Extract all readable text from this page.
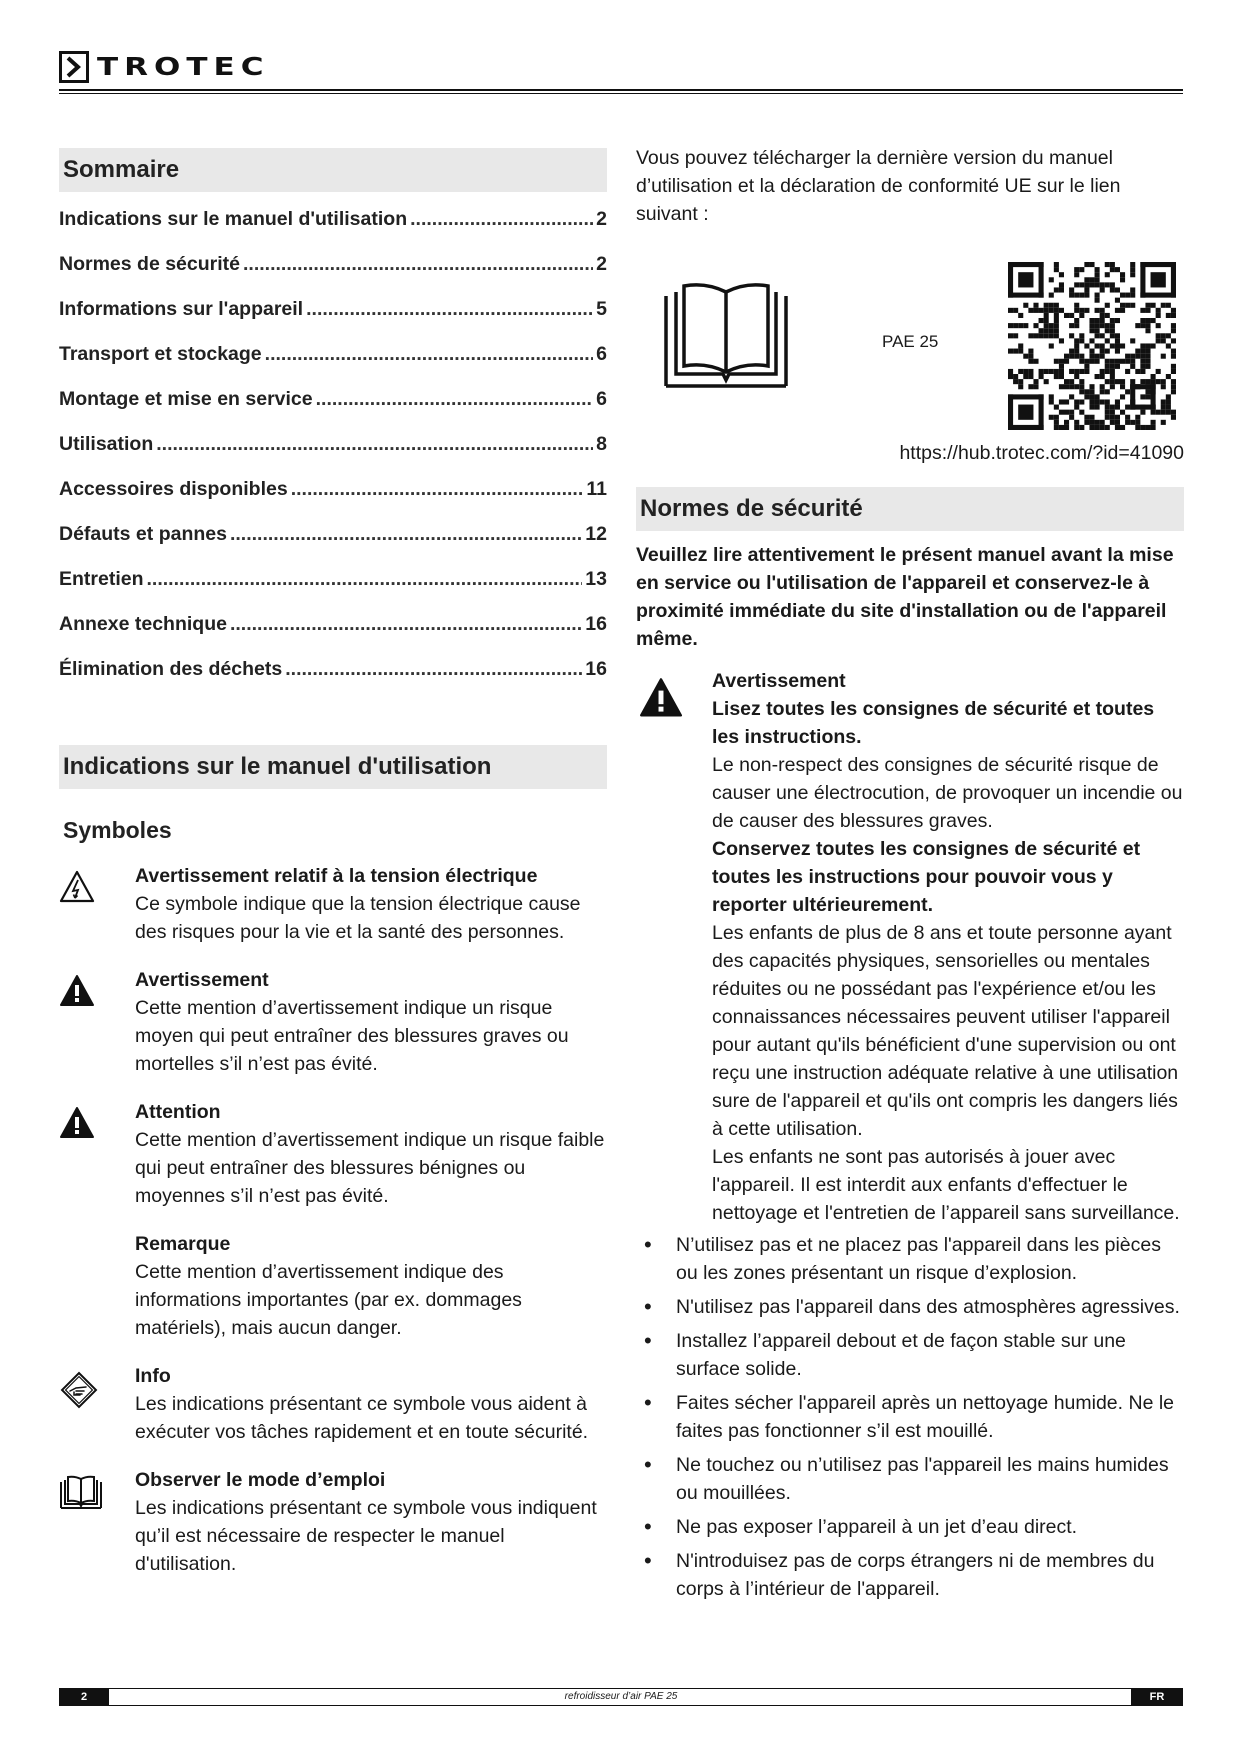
TROTEC
Sommaire
Indications sur le manuel d'utilisation .....	2
Normes de sécurité .....	2
Informations sur l'appareil .....	5
Transport et stockage .....	6
Montage et mise en service .....	6
Utilisation .....	8
Accessoires disponibles .....	11
Défauts et pannes .....	12
Entretien .....	13
Annexe technique .....	16
Élimination des déchets .....	16
Indications sur le manuel d'utilisation
Symboles
Avertissement relatif à la tension électrique
Ce symbole indique que la tension électrique cause des risques pour la vie et la santé des personnes.
Avertissement
Cette mention d’avertissement indique un risque moyen qui peut entraîner des blessures graves ou mortelles s’il n’est pas évité.
Attention
Cette mention d’avertissement indique un risque faible qui peut entraîner des blessures bénignes ou moyennes s’il n’est pas évité.
Remarque
Cette mention d’avertissement indique des informations importantes (par ex. dommages matériels), mais aucun danger.
Info
Les indications présentant ce symbole vous aident à exécuter vos tâches rapidement et en toute sécurité.
Observer le mode d’emploi
Les indications présentant ce symbole vous indiquent qu’il est nécessaire de respecter le manuel d'utilisation.
Vous pouvez télécharger la dernière version du manuel d’utilisation et la déclaration de conformité UE sur le lien suivant :
PAE 25
https://hub.trotec.com/?id=41090
Normes de sécurité
Veuillez lire attentivement le présent manuel avant la mise en service ou l'utilisation de l'appareil et conservez-le à proximité immédiate du site d'installation ou de l'appareil même.
Avertissement
Lisez toutes les consignes de sécurité et toutes les instructions.
Le non-respect des consignes de sécurité risque de causer une électrocution, de provoquer un incendie ou de causer des blessures graves.
Conservez toutes les consignes de sécurité et toutes les instructions pour pouvoir vous y reporter ultérieurement.
Les enfants de plus de 8 ans et toute personne ayant des capacités physiques, sensorielles ou mentales réduites ou ne possédant pas l'expérience et/ou les connaissances nécessaires peuvent utiliser l'appareil pour autant qu'ils bénéficient d'une supervision ou ont reçu une instruction adéquate relative à une utilisation sure de l'appareil et qu'ils ont compris les dangers liés à cette utilisation.
Les enfants ne sont pas autorisés à jouer avec l'appareil. Il est interdit aux enfants d'effectuer le nettoyage et l'entretien de l’appareil sans surveillance.
• N’utilisez pas et ne placez pas l'appareil dans les pièces ou les zones présentant un risque d’explosion.
• N'utilisez pas l'appareil dans des atmosphères agressives.
• Installez l’appareil debout et de façon stable sur une surface solide.
• Faites sécher l'appareil après un nettoyage humide. Ne le faites pas fonctionner s’il est mouillé.
• Ne touchez ou n’utilisez pas l'appareil les mains humides ou mouillées.
• Ne pas exposer l’appareil à un jet d’eau direct.
• N'introduisez pas de corps étrangers ni de membres du corps à l’intérieur de l'appareil.
2	refroidisseur d’air PAE 25	FR
